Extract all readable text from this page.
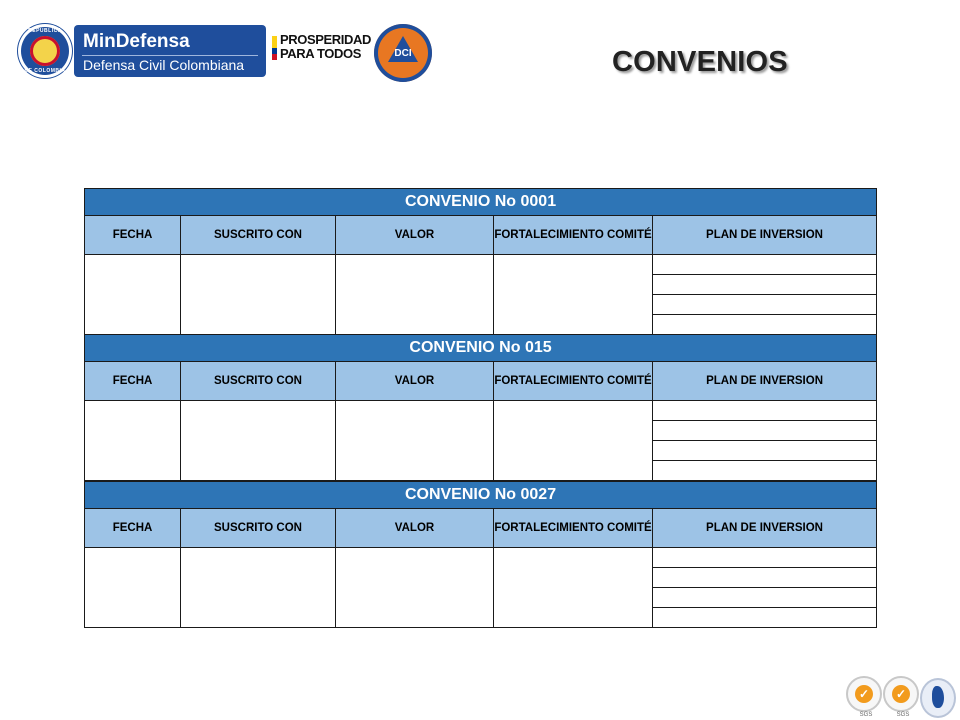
REPUBLICA
DE COLOMBIA
MinDefensa
Defensa Civil Colombiana
PROSPERIDAD
PARA TODOS	DCI	CONVENIOS
CONVENIO No 0001				
FECHA	SUSCRITO CON	VALOR	FORTALECIMIENTO COMITÉ	PLAN DE INVERSION

CONVENIO No 015				
FECHA	SUSCRITO CON	VALOR	FORTALECIMIENTO COMITÉ	PLAN DE INVERSION

CONVENIO No 0027				
FECHA	SUSCRITO CON	VALOR	FORTALECIMIENTO COMITÉ	PLAN DE INVERSION

✓
SGS
✓
SGS
